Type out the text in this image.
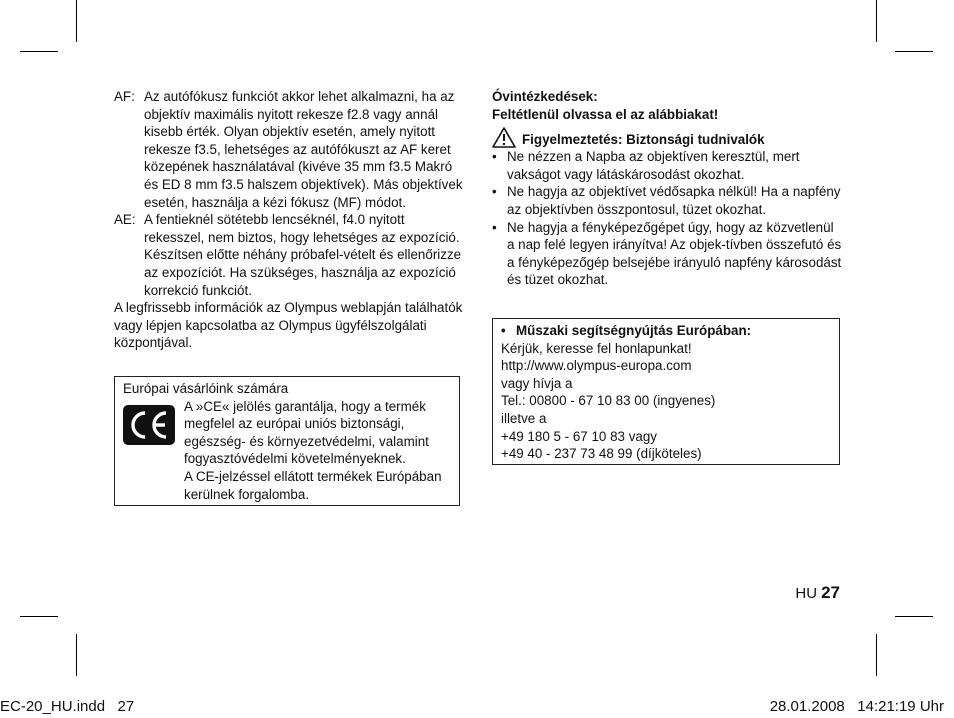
AF: Az autófókusz funkciót akkor lehet alkalmazni, ha az objektív maximális nyitott rekesze f2.8 vagy annál kisebb érték. Olyan objektív esetén, amely nyitott rekesze f3.5, lehetséges az autófókuszt az AF keret közepének használatával (kivéve 35 mm f3.5 Makró és ED 8 mm f3.5 halszem objektívek). Más objektívek esetén, használja a kézi fókusz (MF) módot.
AE: A fentieknél sötétebb lencséknél, f4.0 nyitott rekesszel, nem biztos, hogy lehetséges az expozíció. Készítsen előtte néhány próbafel-vételt és ellenőrizze az expozíciót. Ha szükséges, használja az expozíció korrekció funkciót.
A legfrissebb információk az Olympus weblapján találhatók vagy lépjen kapcsolatba az Olympus ügyfélszolgálati központjával.
Európai vásárlóink számára
A »CE« jelölés garantálja, hogy a termék megfelel az európai uniós biztonsági, egészség- és környezetvédelmi, valamint fogyasztóvédelmi követelményeknek.
A CE-jelzéssel ellátott termékek Európában kerülnek forgalomba.
Óvintézkedések:
Feltétlenül olvassa el az alábbiakat!
Figyelmeztetés: Biztonsági tudnivalók
• Ne nézzen a Napba az objektíven keresztül, mert vakságot vagy látáskárosodást okozhat.
• Ne hagyja az objektívet védősapka nélkül! Ha a napfény az objektívben összpontosul, tüzet okozhat.
• Ne hagyja a fényképezőgépet úgy, hogy az közvetlenül a nap felé legyen irányítva! Az objek-tívben összefutó és a fényképezőgép belsejébe irányuló napfény károsodást és tüzet okozhat.
• Műszaki segítségnyújtás Európában:
Kérjük, keresse fel honlapunkat!
http://www.olympus-europa.com
vagy hívja a
Tel.: 00800 - 67 10 83 00 (ingyenes)
illetve a
+49 180 5 - 67 10 83 vagy
+49 40 - 237 73 48 99 (díjköteles)
HU 27
EC-20_HU.indd   27	28.01.2008   14:21:19 Uhr
